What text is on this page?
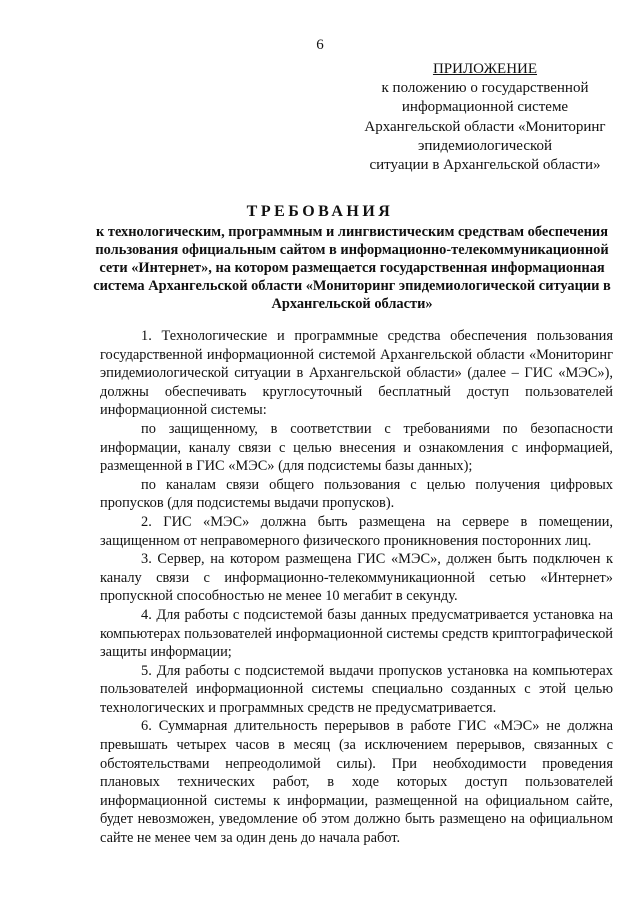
6
ПРИЛОЖЕНИЕ
к положению о государственной
информационной системе
Архангельской области «Мониторинг
эпидемиологической
ситуации в Архангельской области»
ТРЕБОВАНИЯ
к технологическим, программным и лингвистическим средствам обеспечения пользования официальным сайтом в информационно-телекоммуникационной сети «Интернет», на котором размещается государственная информационная система Архангельской области «Мониторинг эпидемиологической ситуации в Архангельской области»

1. Технологические и программные средства обеспечения пользования государственной информационной системой Архангельской области «Мониторинг эпидемиологической ситуации в Архангельской области» (далее – ГИС «МЭС»), должны обеспечивать круглосуточный бесплатный доступ пользователей информационной системы:

по защищенному, в соответствии с требованиями по безопасности информации, каналу связи с целью внесения и ознакомления с информацией, размещенной в ГИС «МЭС» (для подсистемы базы данных);

по каналам связи общего пользования с целью получения цифровых пропусков (для подсистемы выдачи пропусков).

2. ГИС «МЭС» должна быть размещена на сервере в помещении, защищенном от неправомерного физического проникновения посторонних лиц.

3. Сервер, на котором размещена ГИС «МЭС», должен быть подключен к каналу связи с информационно-телекоммуникационной сетью «Интернет» пропускной способностью не менее 10 мегабит в секунду.

4. Для работы с подсистемой базы данных предусматривается установка на компьютерах пользователей информационной системы средств криптографической защиты информации;

5. Для работы с подсистемой выдачи пропусков установка на компьютерах пользователей информационной системы специально созданных с этой целью технологических и программных средств не предусматривается.

6. Суммарная длительность перерывов в работе ГИС «МЭС» не должна превышать четырех часов в месяц (за исключением перерывов, связанных с обстоятельствами непреодолимой силы). При необходимости проведения плановых технических работ, в ходе которых доступ пользователей информационной системы к информации, размещенной на официальном сайте, будет невозможен, уведомление об этом должно быть размещено на официальном сайте не менее чем за один день до начала работ.
